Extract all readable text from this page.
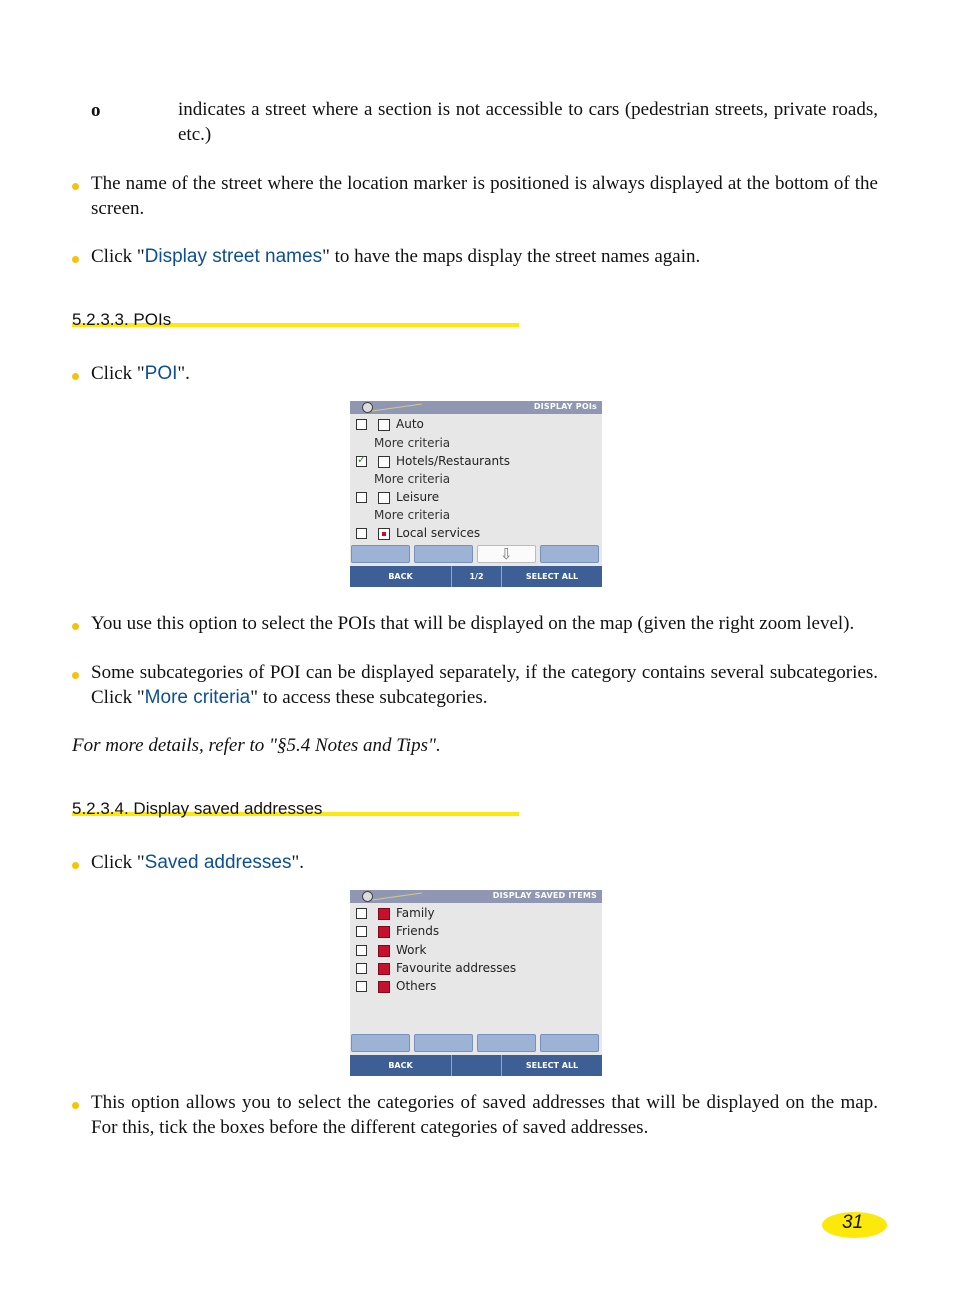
o	indicates a street where a section is not accessible to cars (pedestrian streets, private roads, etc.)
The name of the street where the location marker is positioned is always displayed at the bottom of the screen.
Click "Display street names" to have the maps display the street names again.
5.2.3.3. POIs
Click "POI".
DISPLAY POIs
Auto
More criteria
✓
Hotels/Restaurants
More criteria
Leisure
More criteria
Local services
⇩
BACK	1/2	SELECT ALL
You use this option to select the POIs that will be displayed on the map (given the right zoom level).
Some subcategories of POI can be displayed separately, if the category contains several subcategories. Click "More criteria" to access these subcategories.
For more details, refer to "§5.4 Notes and Tips".
5.2.3.4. Display saved addresses
Click "Saved addresses".
DISPLAY SAVED ITEMS
Family
Friends
Work
Favourite addresses
Others
BACK	SELECT ALL
This option allows you to select the categories of saved addresses that will be displayed on the map. For this, tick the boxes before the different categories of saved addresses.
31
